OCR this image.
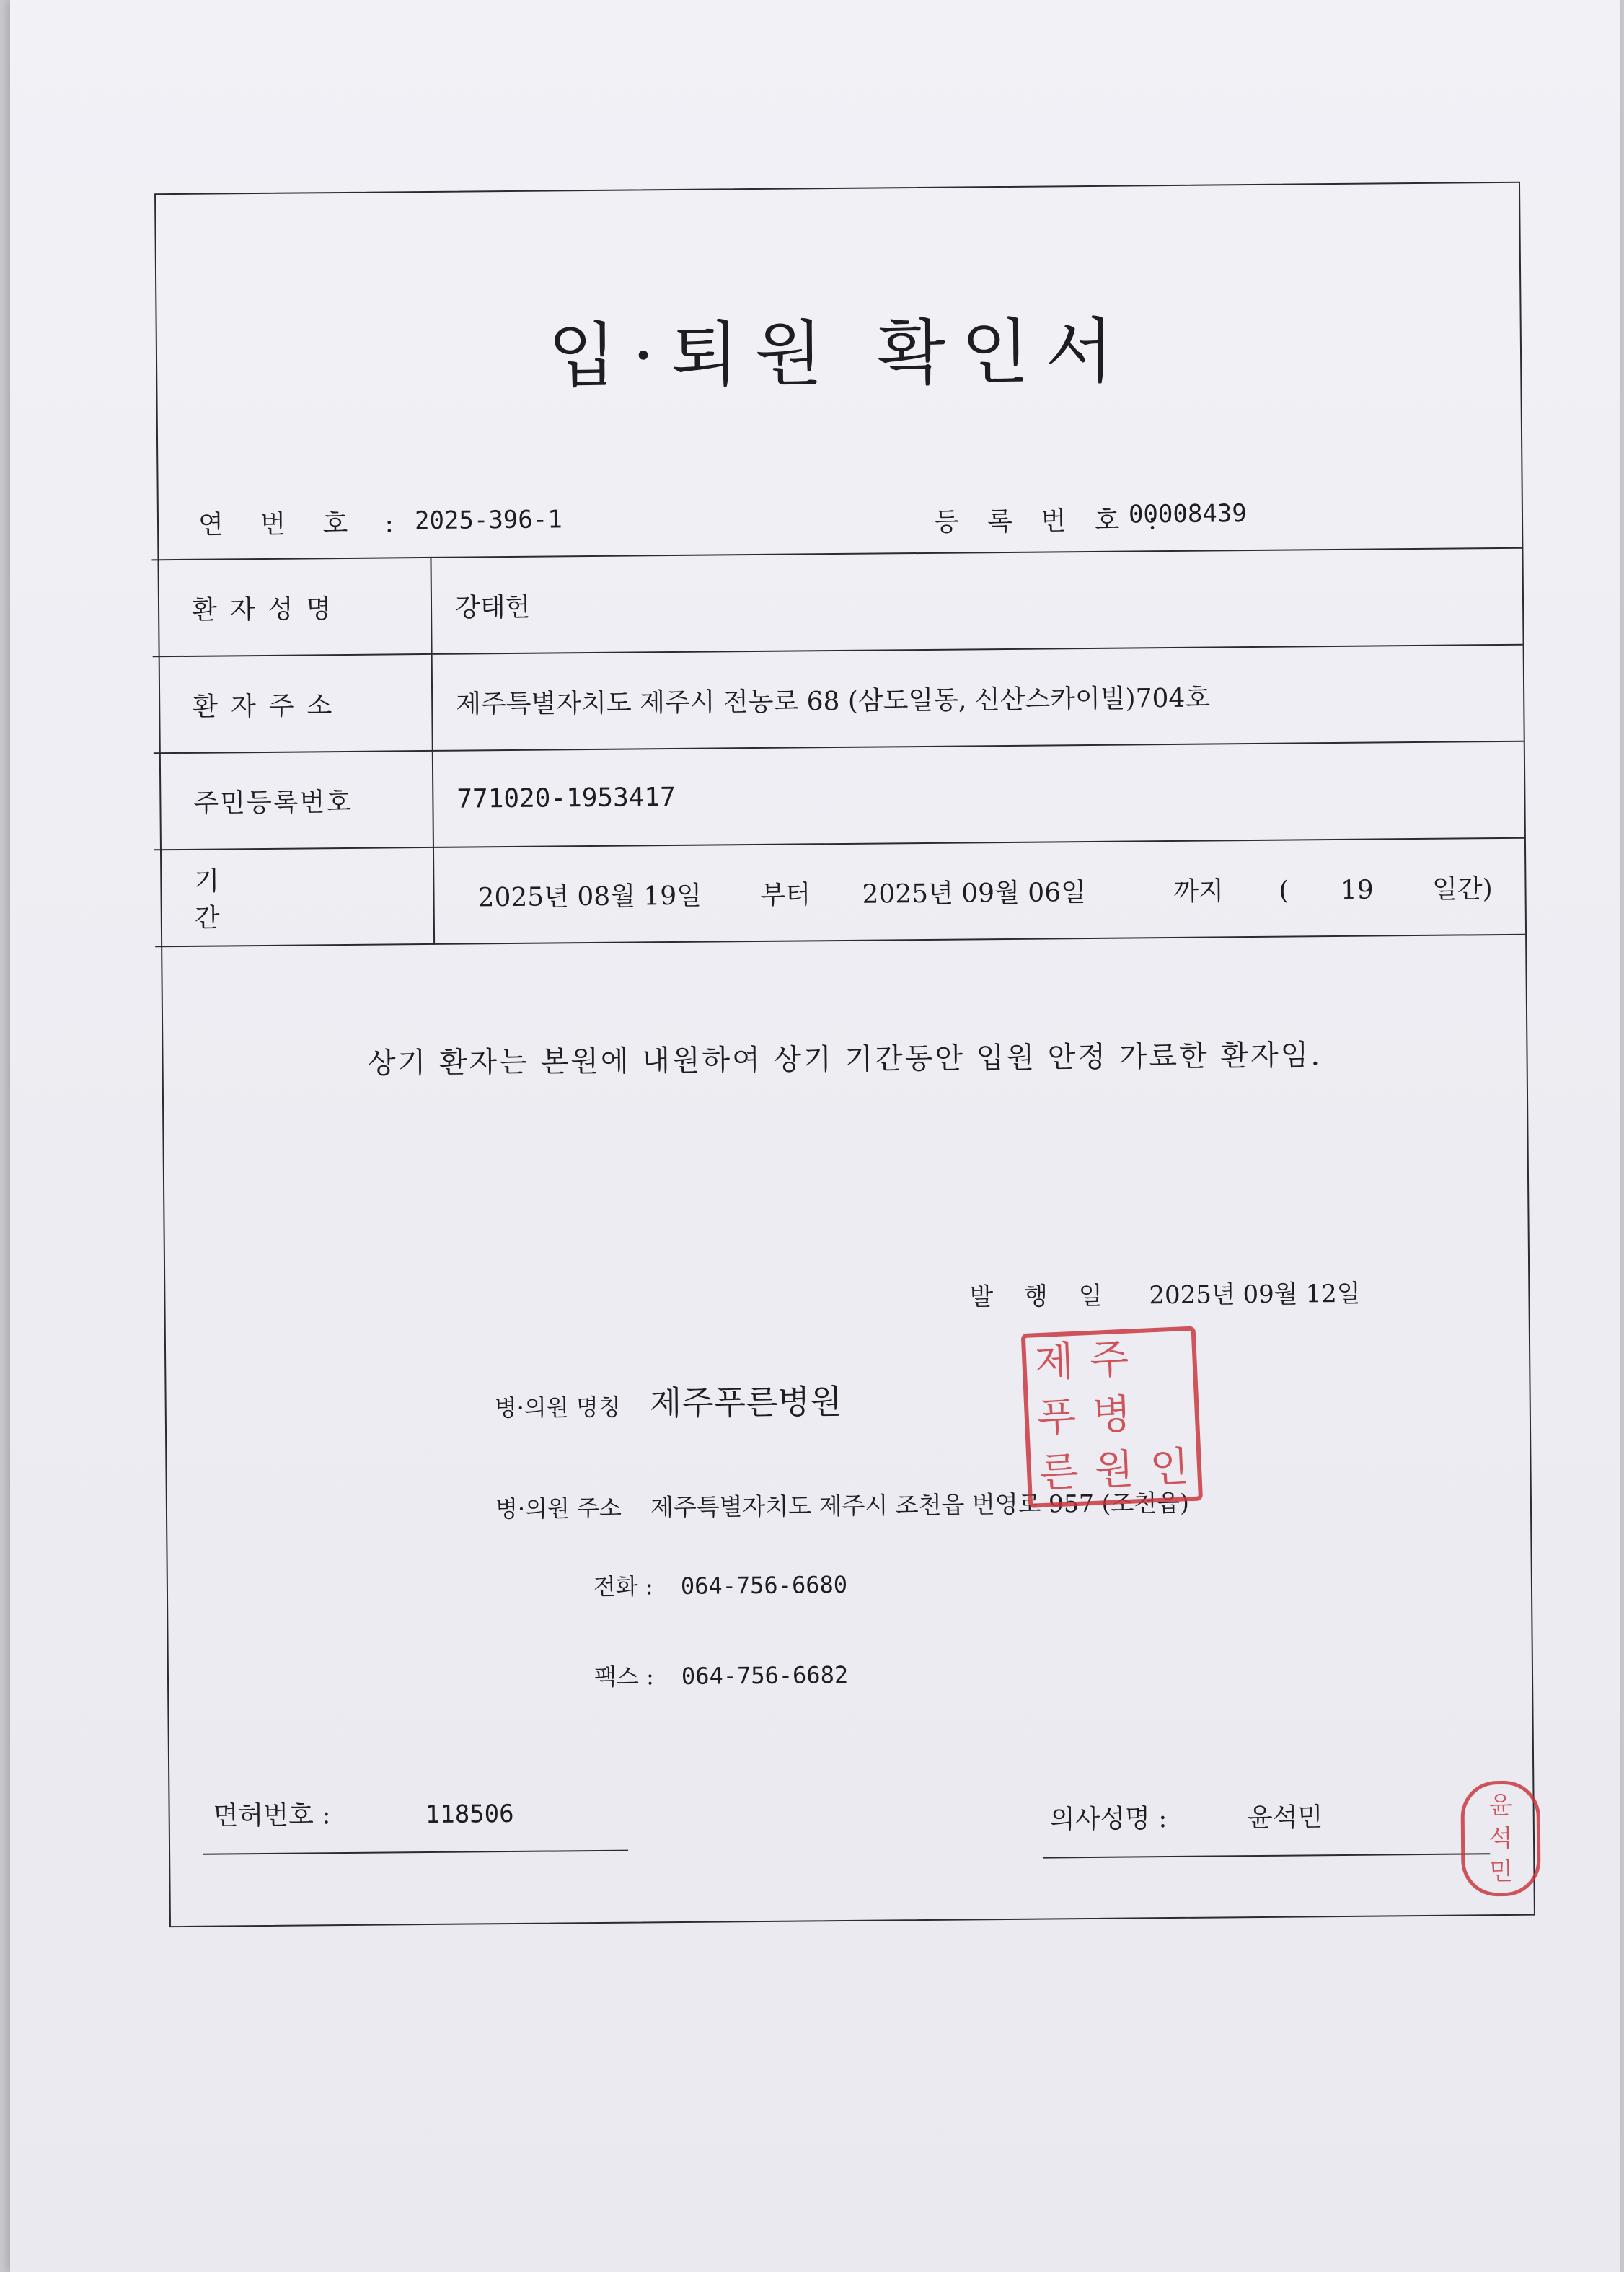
입·퇴원 확인서
연 번 호 : 2025-396-1	등 록 번 호 :
00008439
환자성명	강태헌
환자주소	제주특별자치도 제주시 전농로 68 (삼도일동, 신산스카이빌)704호
주민등록번호	771020-1953417
기 간	2025년 08월 19일 부터 2025년 09월 06일 까지 ( 19 일간)
상기 환자는 본원에 내원하여 상기 기간동안 입원 안정 가료한 환자임.
발 행 일 2025년 09월 12일
병·의원 명칭 제주푸른병원
병·의원 주소 제주특별자치도 제주시 조천읍 번영로 957 (조천읍)
전화 : 064-756-6680
팩스 : 064-756-6682
제 주
푸 병
른 원 인
면허번호 :	118506	의사성명 :	윤석민	윤
석
민
